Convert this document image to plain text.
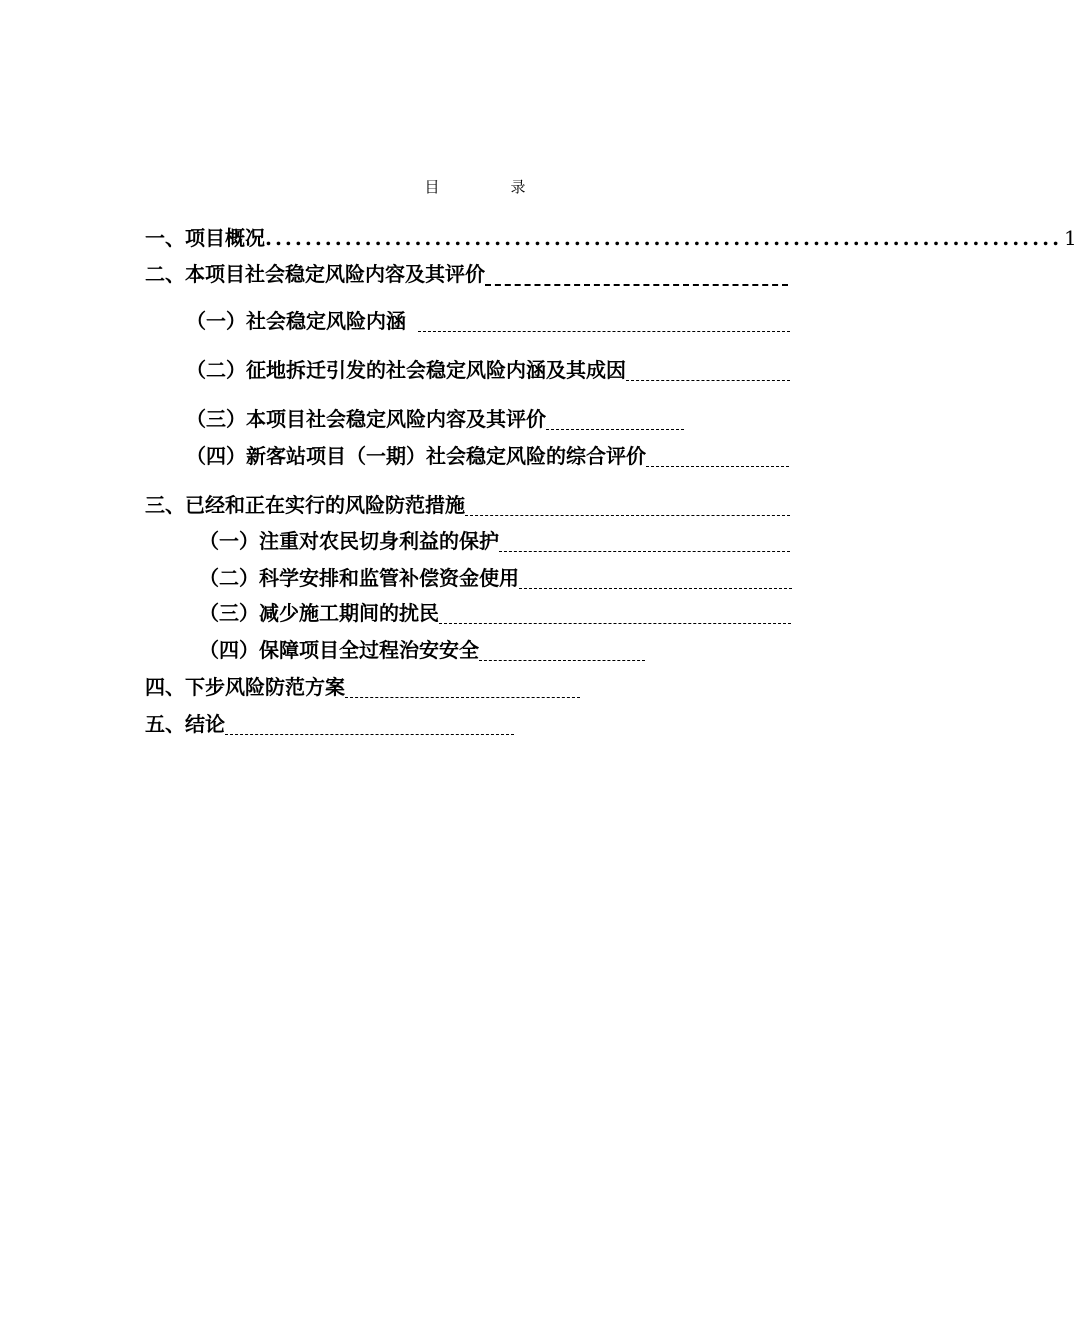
目　录
一、项目概况 ................................................................................ 1
二、本项目社会稳定风险内容及其评价
（一）社会稳定风险内涵
（二）征地拆迁引发的社会稳定风险内涵及其成因
（三）本项目社会稳定风险内容及其评价
（四）新客站项目（一期）社会稳定风险的综合评价
三、已经和正在实行的风险防范措施
（一）注重对农民切身利益的保护
（二）科学安排和监管补偿资金使用
（三）减少施工期间的扰民
（四）保障项目全过程治安安全
四、下步风险防范方案
五、结论
